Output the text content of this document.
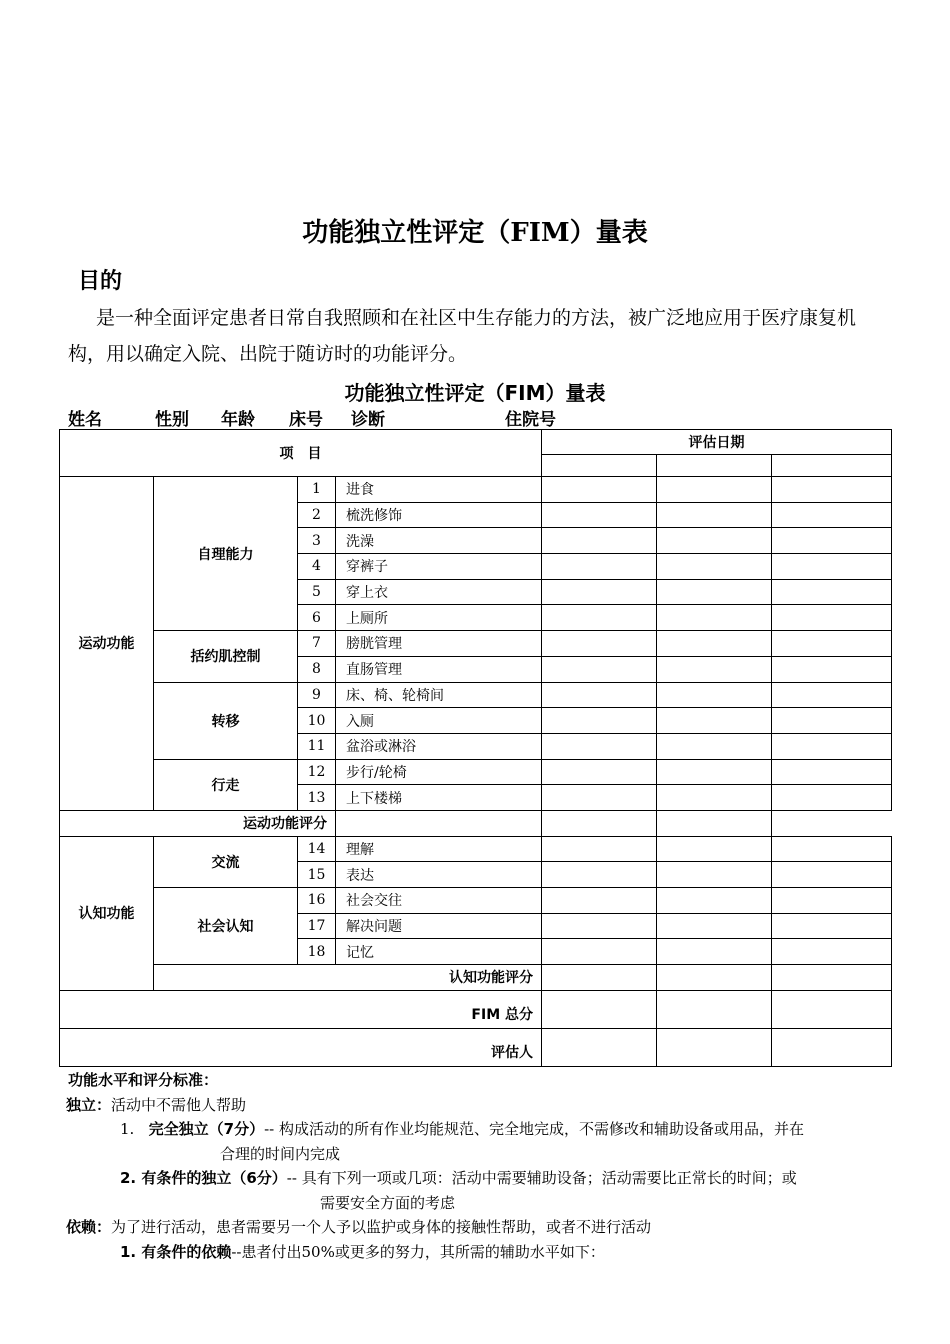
功能独立性评定（FIM）量表
目的
是一种全面评定患者日常自我照顾和在社区中生存能力的方法，被广泛地应用于医疗康复机构，用以确定入院、出院于随访时的功能评分。
功能独立性评定（FIM）量表
姓名	性别 年龄 床号 诊断	住院号
项　目				评估日期		

运动功能	自理能力	1	进食			
		2	梳洗修饰			
		3	洗澡			
		4	穿裤子			
		5	穿上衣			
		6	上厕所			
	括约肌控制	7	膀胱管理			
		8	直肠管理			
	转移	9	床、椅、轮椅间			
		10	入厕			
		11	盆浴或淋浴			
	行走	12	步行/轮椅			
		13	上下楼梯			
运动功能评分						
认知功能	交流	14	理解			
		15	表达			
	社会认知	16	社会交往			
		17	解决问题			
		18	记忆			
	认知功能评分					
FIM 总分						
评估人						
功能水平和评分标准：
独立：活动中不需他人帮助
1. 完全独立（7分）-- 构成活动的所有作业均能规范、完全地完成，不需修改和辅助设备或用品，并在
合理的时间内完成
2. 有条件的独立（6分）-- 具有下列一项或几项：活动中需要辅助设备；活动需要比正常长的时间；或
需要安全方面的考虑
依赖：为了进行活动，患者需要另一个人予以监护或身体的接触性帮助，或者不进行活动
1. 有条件的依赖--患者付出50%或更多的努力，其所需的辅助水平如下：
